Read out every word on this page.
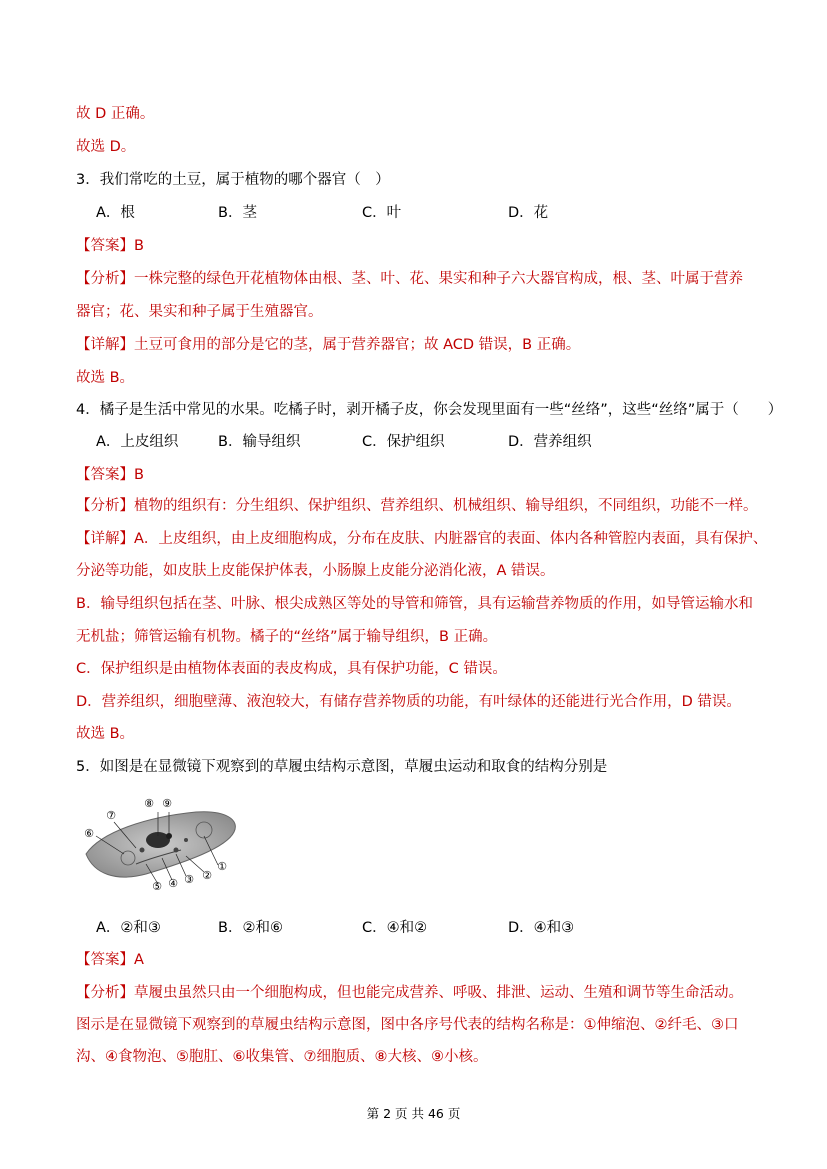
故 D 正确。
故选 D。
3．我们常吃的土豆，属于植物的哪个器官（　）
A．根	B．茎	C．叶	D．花
【答案】B
【分析】一株完整的绿色开花植物体由根、茎、叶、花、果实和种子六大器官构成，根、茎、叶属于营养
器官；花、果实和种子属于生殖器官。
【详解】土豆可食用的部分是它的茎，属于营养器官；故 ACD 错误，B 正确。
故选 B。
4．橘子是生活中常见的水果。吃橘子时，剥开橘子皮，你会发现里面有一些“丝络”，这些“丝络”属于（　　）
A．上皮组织	B．输导组织	C．保护组织	D．营养组织
【答案】B
【分析】植物的组织有：分生组织、保护组织、营养组织、机械组织、输导组织，不同组织，功能不一样。
【详解】A．上皮组织，由上皮细胞构成，分布在皮肤、内脏器官的表面、体内各种管腔内表面，具有保护、
分泌等功能，如皮肤上皮能保护体表，小肠腺上皮能分泌消化液，A 错误。
B．输导组织包括在茎、叶脉、根尖成熟区等处的导管和筛管，具有运输营养物质的作用，如导管运输水和
无机盐；筛管运输有机物。橘子的“丝络”属于输导组织，B 正确。
C．保护组织是由植物体表面的表皮构成，具有保护功能，C 错误。
D．营养组织，细胞壁薄、液泡较大，有储存营养物质的功能，有叶绿体的还能进行光合作用，D 错误。
故选 B。
5．如图是在显微镜下观察到的草履虫结构示意图，草履虫运动和取食的结构分别是
⑧ ⑨
⑥
⑦
①
②
③
④
⑤
A．②和③	B．②和⑥	C．④和②	D．④和③
【答案】A
【分析】草履虫虽然只由一个细胞构成，但也能完成营养、呼吸、排泄、运动、生殖和调节等生命活动。
图示是在显微镜下观察到的草履虫结构示意图，图中各序号代表的结构名称是：①伸缩泡、②纤毛、③口
沟、④食物泡、⑤胞肛、⑥收集管、⑦细胞质、⑧大核、⑨小核。
第 2 页 共 46 页
